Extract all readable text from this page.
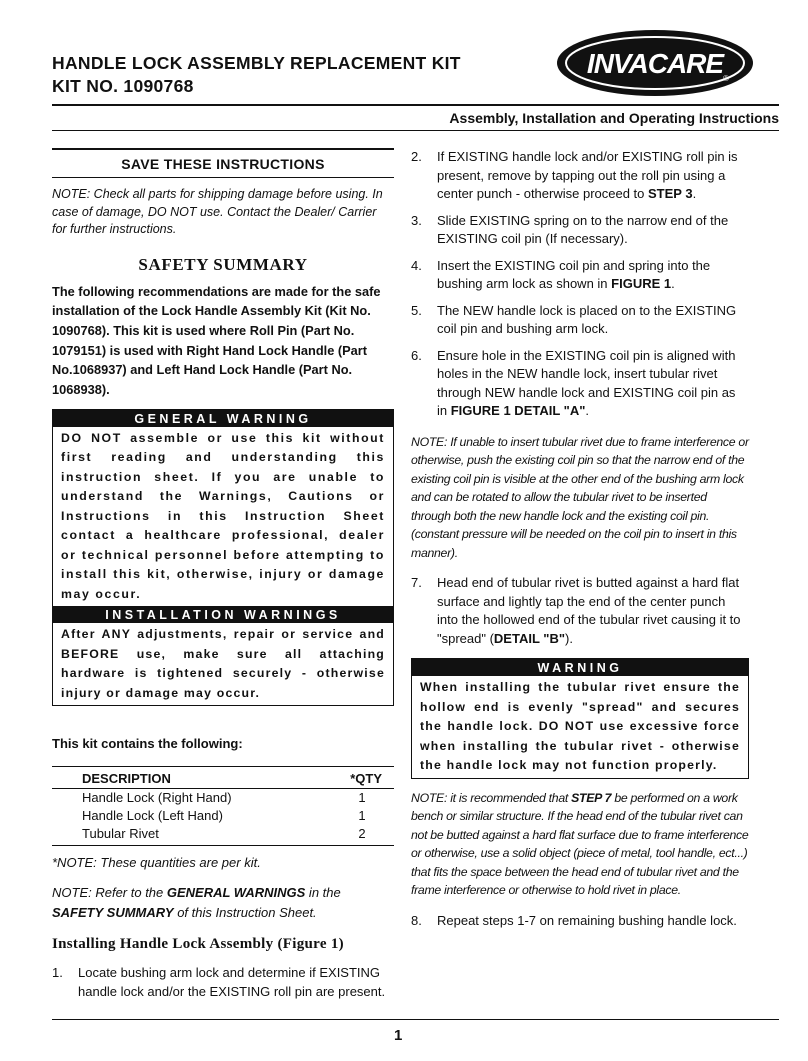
HANDLE LOCK ASSEMBLY REPLACEMENT KIT
KIT NO. 1090768
INVACARE ®
Assembly, Installation and Operating Instructions
SAVE THESE INSTRUCTIONS
NOTE: Check all parts for shipping damage before using. In case of damage, DO NOT use. Contact the Dealer/ Carrier for further instructions.
SAFETY SUMMARY
The following recommendations are made for the safe installation of the Lock Handle Assembly Kit (Kit No. 1090768). This kit is used where Roll Pin (Part No. 1079151) is used with Right Hand Lock Handle (Part No.1068937) and Left Hand Lock Handle (Part No. 1068938).
GENERAL WARNING
DO NOT assemble or use this kit without first reading and understanding this instruction sheet. If you are unable to understand the Warnings, Cautions or Instructions in this Instruction Sheet contact a healthcare professional, dealer or technical personnel before attempting to install this kit, otherwise, injury or damage may occur.
INSTALLATION WARNINGS
After ANY adjustments, repair or service and BEFORE use, make sure all attaching hardware is tightened securely - otherwise injury or damage may occur.
This kit contains the following:
DESCRIPTION	*QTY
Handle Lock (Right Hand)	1
Handle Lock (Left Hand)	1
Tubular Rivet	2
*NOTE: These quantities are per kit.
NOTE: Refer to the GENERAL WARNINGS in the SAFETY SUMMARY of this Instruction Sheet.
Installing Handle Lock Assembly (Figure 1)
1.	Locate bushing arm lock and determine if EXISTING handle lock and/or the EXISTING roll pin are present.
2.	If EXISTING handle lock and/or EXISTING roll pin is present, remove by tapping out the roll pin using a center punch - otherwise proceed to STEP 3.
3.	Slide EXISTING spring on to the narrow end of the EXISTING coil pin (If necessary).
4.	Insert the EXISTING coil pin and spring into the bushing arm lock as shown in FIGURE 1.
5.	The NEW handle lock is placed on to the EXISTING coil pin and bushing arm lock.
6.	Ensure hole in the EXISTING coil pin is aligned with holes in the NEW handle lock, insert tubular rivet through NEW handle lock and EXISTING coil pin as in FIGURE 1 DETAIL "A".
NOTE: If unable to insert tubular rivet due to frame interference or otherwise, push the existing coil pin so that the narrow end of the existing coil pin is visible at the other end of the bushing arm lock and can be rotated to allow the tubular rivet to be inserted through both the new handle lock and the existing coil pin. (constant pressure will be needed on the coil pin to insert in this manner).
7.	Head end of tubular rivet is butted against a hard flat surface and lightly tap the end of the center punch into the hollowed end of the tubular rivet causing it to "spread" (DETAIL "B").
WARNING
When installing the tubular rivet ensure the hollow end is evenly "spread" and secures the handle lock. DO NOT use excessive force when installing the tubular rivet - otherwise the handle lock may not function properly.
NOTE: it is recommended that STEP 7 be performed on a work bench or similar structure. If the head end of the tubular rivet can not be butted against a hard flat surface due to frame interference or otherwise, use a solid object (piece of metal, tool handle, ect...) that fits the space between the head end of tubular rivet and the frame interference or otherwise to hold rivet in place.
8.	Repeat steps 1-7 on remaining bushing handle lock.
1
